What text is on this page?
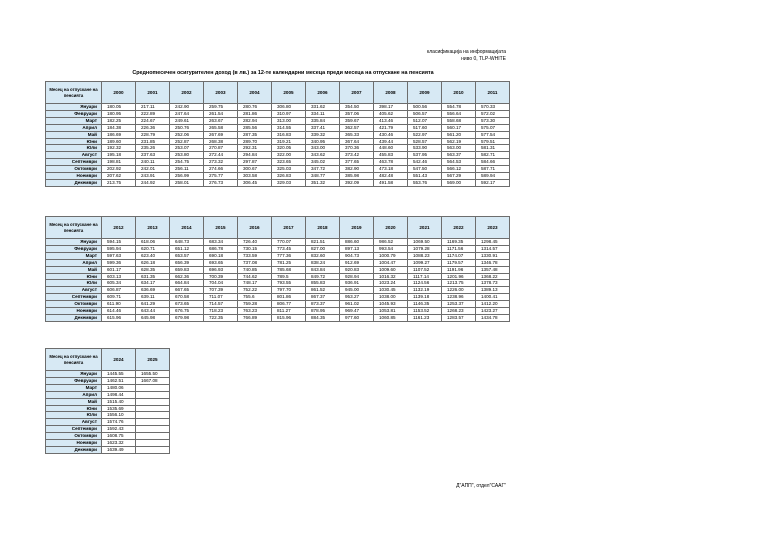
класификација на информацијата
ниво 0, TLP-WHITE
Среднomесечен осигурителен доход (в лв.) за 12-те календарни месеца преди месеца на отпускане на пенсията
Месец на отпускане на пенсията	2000	2001	2002	2003	2004	2005	2006	2007	2008	2009	2010	2011
Януари	180.05	217.11	242.90	259.75	280.76	306.80	331.62	354.50	398.17	500.56	554.78	570.33
Февруари	180.95	222.89	247.64	261.54	281.86	310.97	334.11	357.06	405.62	506.57	556.64	572.02
Март	182.25	224.67	249.61	263.67	282.94	313.00	335.84	359.67	413.46	512.07	558.68	573.30
Април	184.38	226.36	250.76	265.58	285.56	314.55	337.41	362.57	421.79	517.60	560.17	575.07
Май	186.69	228.79	252.06	267.69	287.35	316.83	339.32	365.33	430.46	522.97	561.20	577.54
Юни	189.60	231.85	252.87	268.38	289.70	319.21	340.95	367.64	439.44	528.57	562.19	579.51
Юли	192.32	235.26	253.07	270.87	292.31	320.05	343.00	370.36	448.60	533.90	563.00	581.31
Август	195.18	237.63	253.80	272.44	294.84	322.00	343.62	373.42	455.83	537.95	563.37	582.71
Септември	198.81	240.11	254.75	273.32	297.87	323.65	345.02	377.65	463.78	542.46	564.53	584.66
Октомври	202.92	242.01	256.11	274.66	300.67	325.03	347.72	382.90	473.18	547.50	566.12	587.71
Ноември	207.62	243.91	256.99	275.77	303.58	326.83	348.77	385.98	482.48	551.43	567.29	589.94
Декември	213.75	244.92	258.01	276.73	306.45	329.03	351.32	392.09	491.58	553.76	569.00	592.17
Месец на отпускане на пенсията	2012	2013	2014	2015	2016	2017	2018	2019	2020	2021	2022	2023
Януари	594.15	618.06	648.73	683.34	726.40	770.07	821.51	886.60	986.52	1069.50	1169.35	1298.45
Февруари	595.94	620.71	651.12	686.78	730.15	773.45	827.00	897.13	993.54	1079.28	1171.56	1314.57
Март	597.63	623.40	653.57	690.18	733.59	777.36	832.60	904.73	1000.79	1088.23	1174.07	1330.91
Април	599.36	626.18	656.39	693.65	737.08	781.25	838.24	912.69	1004.47	1099.27	1179.57	1346.78
Май	601.17	628.35	659.83	696.93	740.85	785.68	843.84	920.83	1009.60	1107.52	1191.96	1357.48
Юни	603.13	631.35	662.36	700.39	744.62	789.5	849.72	928.94	1016.32	1117.14	1201.96	1368.22
Юли	605.34	634.17	664.84	704.04	748.17	793.55	855.83	936.91	1023.24	1124.56	1213.75	1378.73
Август	606.87	636.69	667.65	707.39	752.22	797.70	861.52	945.00	1030.45	1132.19	1226.00	1389.13
Септември	609.71	639.11	670.58	711.07	755.6	801.86	867.37	953.27	1038.00	1139.18	1238.96	1400.41
Октомври	611.90	641.29	673.65	714.57	759.28	806.77	873.37	961.02	1045.93	1146.35	1253.37	1412.20
Ноември	614.46	643.44	676.75	718.23	763.23	811.27	878.95	969.47	1053.81	1153.52	1268.23	1423.27
Декември	615.96	645.98	679.98	722.35	766.89	815.96	884.35	977.60	1060.85	1161.23	1283.57	1434.78
Месец на отпускане на пенсията	2024	2025
Януари	1445.55	1655.50
Февруари	1462.51	1667.08
Март	1480.06	
Април	1498.44	
Май	1515.40	
Юни	1535.69	
Юли	1556.10	
Август	1574.76	
Септември	1592.43	
Октомври	1608.75	
Ноември	1623.32	
Декември	1639.49	
Д"АПП", отдел"СААГ"
